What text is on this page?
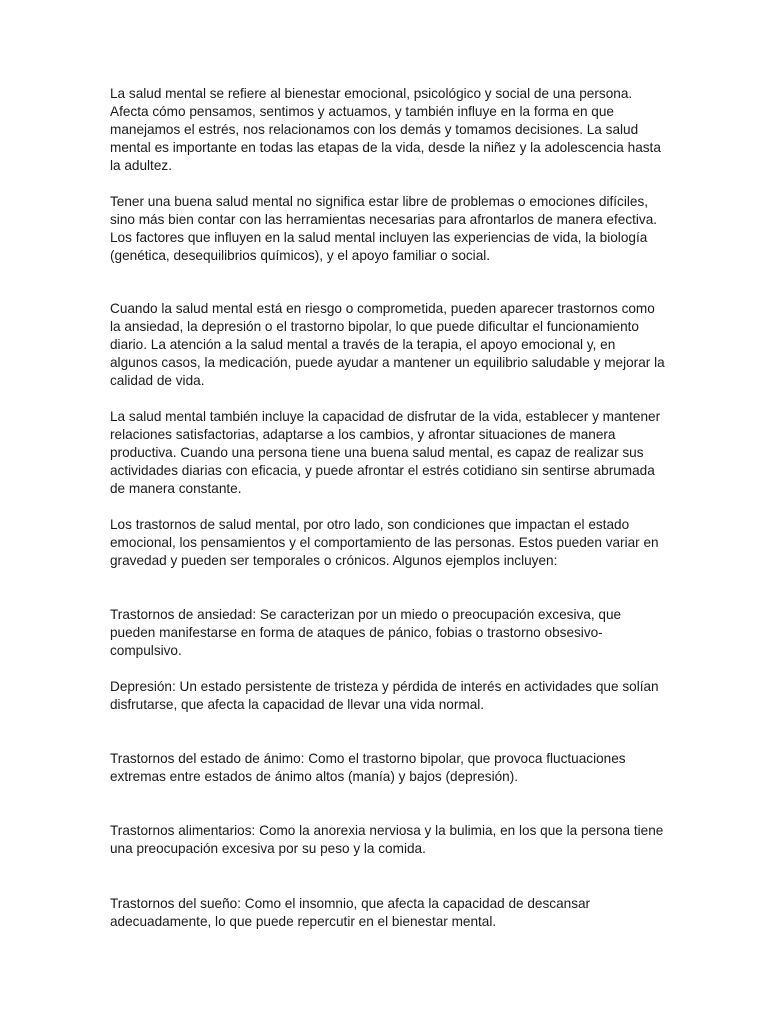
La salud mental se refiere al bienestar emocional, psicológico y social de una persona. Afecta cómo pensamos, sentimos y actuamos, y también influye en la forma en que manejamos el estrés, nos relacionamos con los demás y tomamos decisiones. La salud mental es importante en todas las etapas de la vida, desde la niñez y la adolescencia hasta la adultez.

Tener una buena salud mental no significa estar libre de problemas o emociones difíciles, sino más bien contar con las herramientas necesarias para afrontarlos de manera efectiva. Los factores que influyen en la salud mental incluyen las experiencias de vida, la biología (genética, desequilibrios químicos), y el apoyo familiar o social.

Cuando la salud mental está en riesgo o comprometida, pueden aparecer trastornos como la ansiedad, la depresión o el trastorno bipolar, lo que puede dificultar el funcionamiento diario. La atención a la salud mental a través de la terapia, el apoyo emocional y, en algunos casos, la medicación, puede ayudar a mantener un equilibrio saludable y mejorar la calidad de vida.

La salud mental también incluye la capacidad de disfrutar de la vida, establecer y mantener relaciones satisfactorias, adaptarse a los cambios, y afrontar situaciones de manera productiva. Cuando una persona tiene una buena salud mental, es capaz de realizar sus actividades diarias con eficacia, y puede afrontar el estrés cotidiano sin sentirse abrumada de manera constante.

Los trastornos de salud mental, por otro lado, son condiciones que impactan el estado emocional, los pensamientos y el comportamiento de las personas. Estos pueden variar en gravedad y pueden ser temporales o crónicos. Algunos ejemplos incluyen:

Trastornos de ansiedad: Se caracterizan por un miedo o preocupación excesiva, que pueden manifestarse en forma de ataques de pánico, fobias o trastorno obsesivo-compulsivo.

Depresión: Un estado persistente de tristeza y pérdida de interés en actividades que solían disfrutarse, que afecta la capacidad de llevar una vida normal.

Trastornos del estado de ánimo: Como el trastorno bipolar, que provoca fluctuaciones extremas entre estados de ánimo altos (manía) y bajos (depresión).

Trastornos alimentarios: Como la anorexia nerviosa y la bulimia, en los que la persona tiene una preocupación excesiva por su peso y la comida.

Trastornos del sueño: Como el insomnio, que afecta la capacidad de descansar adecuadamente, lo que puede repercutir en el bienestar mental.
